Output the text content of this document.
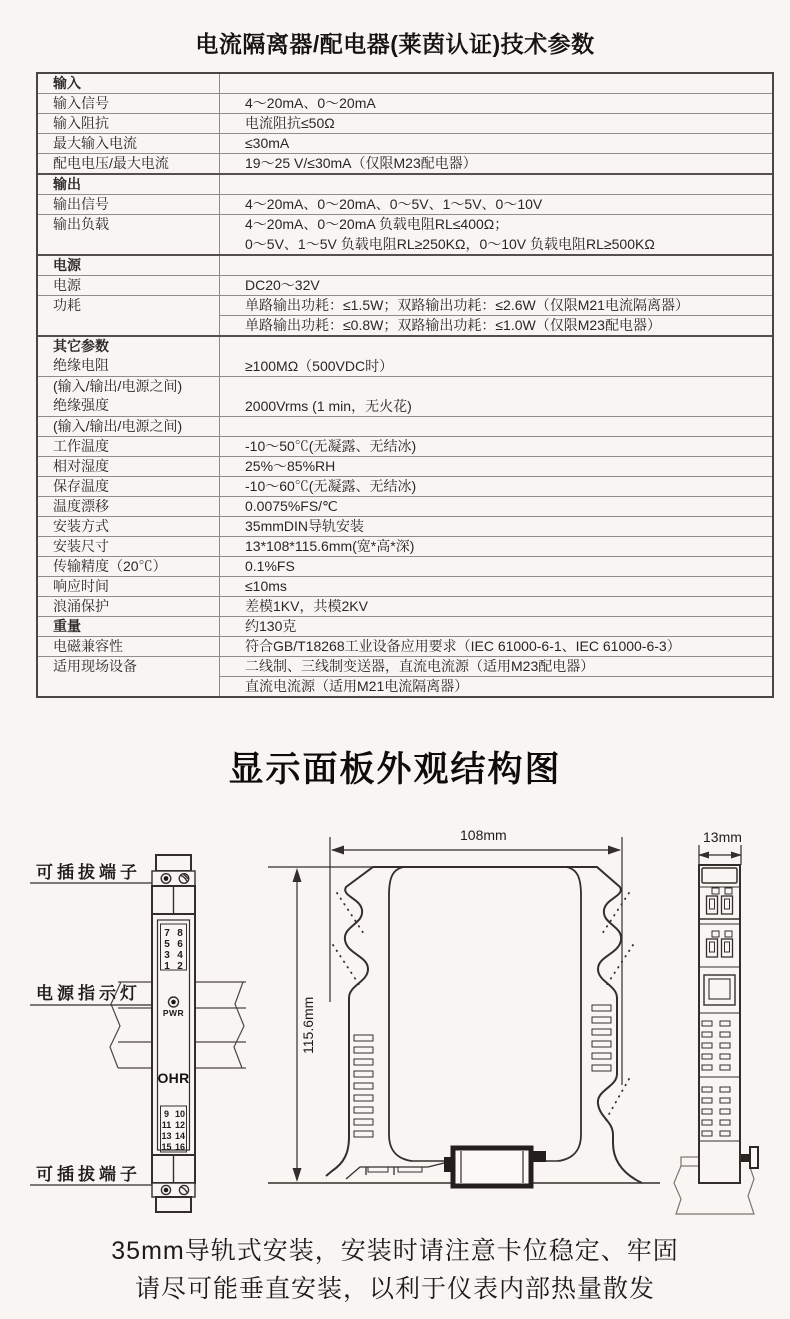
电流隔离器/配电器(莱茵认证)技术参数
输入
输入信号	4～20mA、0～20mA
输入阻抗	电流阻抗≤50Ω
最大输入电流	≤30mA
配电电压/最大电流	19～25 V/≤30mA（仅限M23配电器）
输出
输出信号	4～20mA、0～20mA、0～5V、1～5V、0～10V
输出负载	4～20mA、0～20mA 负载电阻RL≤400Ω；
0～5V、1～5V 负载电阻RL≥250KΩ，0～10V 负载电阻RL≥500KΩ
电源
电源	DC20～32V
功耗	单路输出功耗：≤1.5W；双路输出功耗：≤2.6W（仅限M21电流隔离器）
单路输出功耗：≤0.8W；双路输出功耗：≤1.0W（仅限M23配电器）
其它参数
绝缘电阻	≥100MΩ（500VDC时）
(输入/输出/电源之间)
绝缘强度	2000Vrms (1 min，无火花)
(输入/输出/电源之间)
工作温度	-10～50℃(无凝露、无结冰)
相对湿度	25%～85%RH
保存温度	-10～60℃(无凝露、无结冰)
温度漂移	0.0075%FS/℃
安装方式	35mmDIN导轨安装
安装尺寸	13*108*115.6mm(宽*高*深)
传输精度（20℃）	0.1%FS
响应时间	≤10ms
浪涌保护	差模1KV，共模2KV
重量	约130克
电磁兼容性	符合GB/T18268工业设备应用要求（IEC 61000-6-1、IEC 61000-6-3）
适用现场设备	二线制、三线制变送器，直流电流源（适用M23配电器）
直流电流源（适用M21电流隔离器）
显示面板外观结构图
7 8
5 6
3 4
1 2
PWR
OHR
9 10
11 12
13 14
15 16
可插拔端子
电源指示灯
可插拔端子
108mm
115.6mm
13mm
35mm导轨式安装，安装时请注意卡位稳定、牢固
请尽可能垂直安装，以利于仪表内部热量散发
